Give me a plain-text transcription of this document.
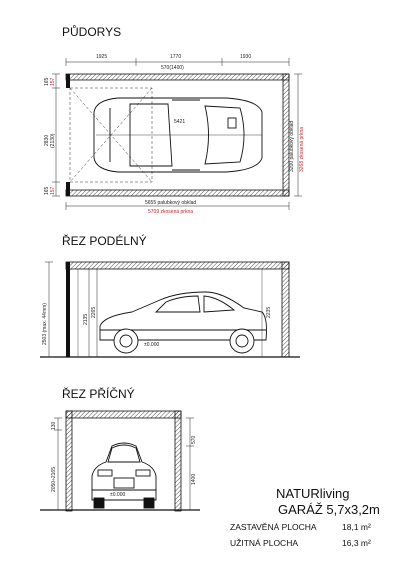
PŮDORYS
1925	1770	1930
570(1400)
165 157
2830 (2130)
165 157
5421	3200 palubkový obklad 3268 zkosená prkna
5655 palubkový obklad
5709 zkosená prkna
ŘEZ PODÉLNÝ
2503 (max. 44mm)	2135
2265	2235
±0.000
ŘEZ PŘÍČNÝ
130
2050÷2165
570
1400
±0.000	NATURliving
GARÁŽ 5,7x3,2m
ZASTAVĚNÁ PLOCHA	18,1 m²
UŽITNÁ PLOCHA	16,3 m²
